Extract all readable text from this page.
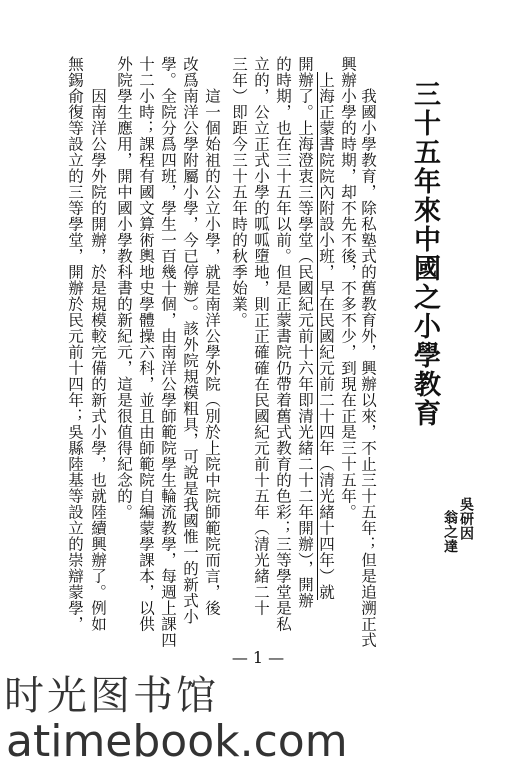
三十五年來中國之小學教育
吳研因
翁之達
我國小學教育，除私塾式的舊教育外，興辦以來，不止三十五年；但是追溯正式
興辦小學的時期，却不先不後，不多不少，到現在正是三十五年。
上海正蒙書院院內附設小班，早在民國紀元前二十四年（清光緒十四年）就
開辦了。上海澄衷三等學堂（民國紀元前十六年即清光緒二十二年開辦），開辦
的時期，也在三十五年以前。但是正蒙書院仍帶着舊式教育的色彩；三等學堂是私
立的，公立正式小學的呱呱墮地，則正正確確在民國紀元前十五年（清光緒二十
三年）即距今三十五年時的秋季始業。
這一個始祖的公立小學，就是南洋公學外院（別於上院中院師範院而言，後
改爲南洋公學附屬小學，今已停辦）。該外院規模粗具，可說是我國惟一的新式小
學。全院分爲四班，學生一百幾十個，由南洋公學師範院學生輪流教學，每週上課四
十二小時；課程有國文算術輿地史學體操六科，並且由師範院自編蒙學課本，以供
外院學生應用，開中國小學教科書的新紀元，這是很值得紀念的。
因南洋公學外院的開辦，於是規模較完備的新式小學，也就陸續興辦了。例如
無錫俞復等設立的三等學堂，開辦於民元前十四年；吳縣陸基等設立的崇辯蒙學，
— 1 —
时光图书馆
atimebook.com
